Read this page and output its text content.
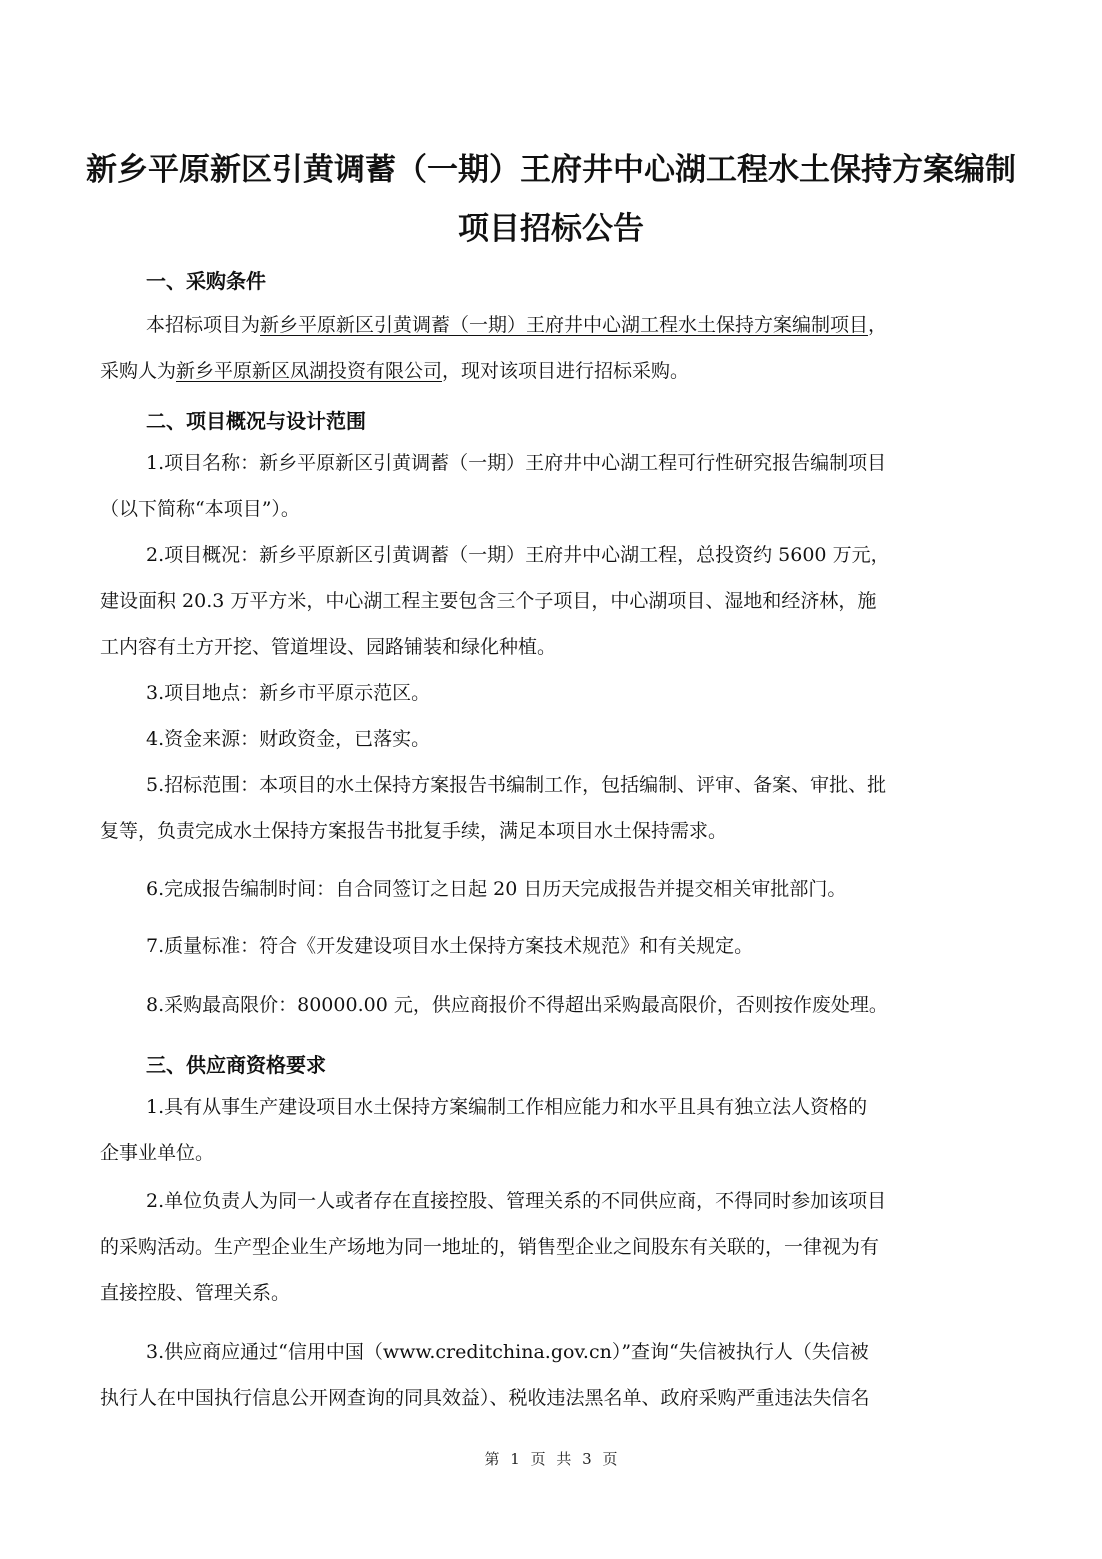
新乡平原新区引黄调蓄（一期）王府井中心湖工程水土保持方案编制
项目招标公告
一、采购条件
本招标项目为新乡平原新区引黄调蓄（一期）王府井中心湖工程水土保持方案编制项目，
采购人为新乡平原新区凤湖投资有限公司，现对该项目进行招标采购。
二、项目概况与设计范围
1.项目名称：新乡平原新区引黄调蓄（一期）王府井中心湖工程可行性研究报告编制项目
（以下简称“本项目”）。
2.项目概况：新乡平原新区引黄调蓄（一期）王府井中心湖工程，总投资约 5600 万元，
建设面积 20.3 万平方米，中心湖工程主要包含三个子项目，中心湖项目、湿地和经济林，施
工内容有土方开挖、管道埋设、园路铺装和绿化种植。
3.项目地点：新乡市平原示范区。
4.资金来源：财政资金，已落实。
5.招标范围：本项目的水土保持方案报告书编制工作，包括编制、评审、备案、审批、批
复等，负责完成水土保持方案报告书批复手续，满足本项目水土保持需求。
6.完成报告编制时间：自合同签订之日起 20 日历天完成报告并提交相关审批部门。
7.质量标准：符合《开发建设项目水土保持方案技术规范》和有关规定。
8.采购最高限价：80000.00 元，供应商报价不得超出采购最高限价，否则按作废处理。
三、供应商资格要求
1.具有从事生产建设项目水土保持方案编制工作相应能力和水平且具有独立法人资格的
企事业单位。
2.单位负责人为同一人或者存在直接控股、管理关系的不同供应商，不得同时参加该项目
的采购活动。生产型企业生产场地为同一地址的，销售型企业之间股东有关联的，一律视为有
直接控股、管理关系。
3.供应商应通过“信用中国（www.creditchina.gov.cn）”查询“失信被执行人（失信被
执行人在中国执行信息公开网查询的同具效益）、税收违法黑名单、政府采购严重违法失信名
第 1 页 共 3 页
